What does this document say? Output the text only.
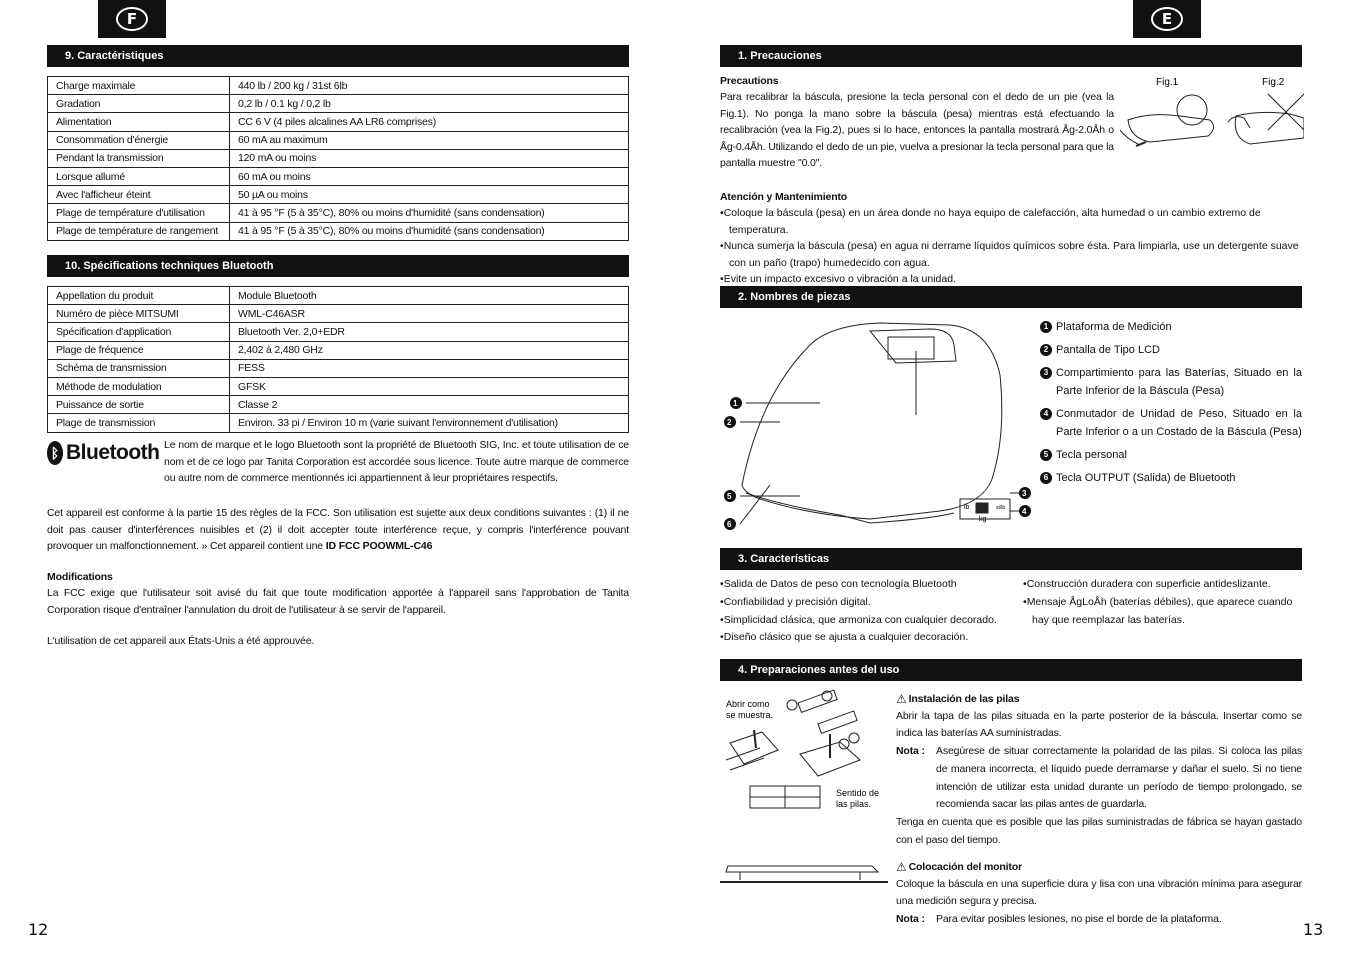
F
9. Caractéristiques
Charge maximale	440 lb / 200 kg / 31st 6lb
Gradation	0,2 lb / 0.1 kg / 0,2 lb
Alimentation	CC 6 V (4 piles alcalines AA LR6 comprises)
Consommation d'énergie	60 mA au maximum
Pendant la transmission	120 mA ou moins
Lorsque allumé	60 mA ou moins
Avec l'afficheur éteint	50 µA ou moins
Plage de température d'utilisation	41 à 95 °F (5 à 35°C), 80% ou moins d'humidité (sans condensation)
Plage de température de rangement	41 à 95 °F (5 à 35°C), 80% ou moins d'humidité (sans condensation)
10. Spécifications techniques Bluetooth
Appellation du produit	Module Bluetooth
Numéro de pièce MITSUMI	WML-C46ASR
Spécification d'application	Bluetooth Ver. 2,0+EDR
Plage de fréquence	2,402 à 2,480 GHz
Schéma de transmission	FESS
Méthode de modulation	GFSK
Puissance de sortie	Classe 2
Plage de transmission	Environ. 33 pi / Environ 10 m (varie suivant l'environnement d'utilisation)
ᛒ Bluetooth Le nom de marque et le logo Bluetooth sont la propriété de Bluetooth SIG, Inc. et toute utilisation de ce nom et de ce logo par Tanita Corporation est accordée sous licence. Toute autre marque de commerce ou autre nom de commerce mentionnés ici appartiennent à leur propriétaires respectifs.
Cet appareil est conforme à la partie 15 des règles de la FCC. Son utilisation est sujette aux deux conditions suivantes : (1) il ne doit pas causer d'interférences nuisibles et (2) il doit accepter toute interférence reçue, y compris l'interférence pouvant provoquer un malfonctionnement. » Cet appareil contient une ID FCC POOWML-C46
Modifications
La FCC exige que l'utilisateur soit avisé du fait que toute modification apportée à l'appareil sans l'approbation de Tanita Corporation risque d'entraîner l'annulation du droit de l'utilisateur à se servir de l'appareil.
L'utilisation de cet appareil aux États-Unis a été approuvée.
12
E
1. Precauciones
Precautions
Para recalibrar la báscula, presione la tecla personal con el dedo de un pie (vea la Fig.1). No ponga la mano sobre la báscula (pesa) mientras está efectuando la recalibración (vea la Fig.2), pues si lo hace, entonces la pantalla mostrará Åg-2.0Åh o Åg-0.4Åh. Utilizando el dedo de un pie, vuelva a presionar la tecla personal para que la pantalla muestre "0.0".
Fig.1	Fig.2
Atención y Mantenimiento
•Coloque la báscula (pesa) en un área donde no haya equipo de calefacción, alta humedad o un cambio extremo de temperatura.
•Nunca sumerja la báscula (pesa) en agua ni derrame líquidos químicos sobre ésta. Para limpiarla, use un detergente suave con un paño (trapo) humedecido con agua.
•Evite un impacto excesivo o vibración a la unidad.
2. Nombres de piezas
lb	st/lb
kg
1
2
5
6
3
4
1 Plataforma de Medición
2 Pantalla de Tipo LCD
3 Compartimiento para las Baterías, Situado en la Parte Inferior de la Báscula (Pesa)
4 Conmutador de Unidad de Peso, Situado en la Parte Inferior o a un Costado de la Báscula (Pesa)
5 Tecla personal
6 Tecla OUTPUT (Salida) de Bluetooth
3. Características
•Salida de Datos de peso con tecnología Bluetooth
•Confiabilidad y precisión digital.
•Simplicidad clásica, que armoniza con cualquier decorado.
•Diseño clásico que se ajusta a cualquier decoración.
•Construcción duradera con superficie antideslizante.
•Mensaje ÅgLoÅh (baterías débiles), que aparece cuando hay que reemplazar las baterías.
4. Preparaciones antes del uso
Abrir como
se muestra.
Sentido de
las pilas.
⚠ Instalación de las pilas
Abrir la tapa de las pilas situada en la parte posterior de la báscula. Insertar como se indica las baterías AA suministradas.
Nota :	Asegúrese de situar correctamente la polaridad de las pilas. Si coloca las pilas de manera incorrecta, el líquido puede derramarse y dañar el suelo. Si no tiene intención de utilizar esta unidad durante un período de tiempo prolongado, se recomienda sacar las pilas antes de guardarla.
Tenga en cuenta que es posible que las pilas suministradas de fábrica se hayan gastado con el paso del tiempo.
⚠ Colocación del monitor
Coloque la báscula en una superficie dura y lisa con una vibración mínima para asegurar una medición segura y precisa.
Nota :	Para evitar posibles lesiones, no pise el borde de la plataforma.
13
